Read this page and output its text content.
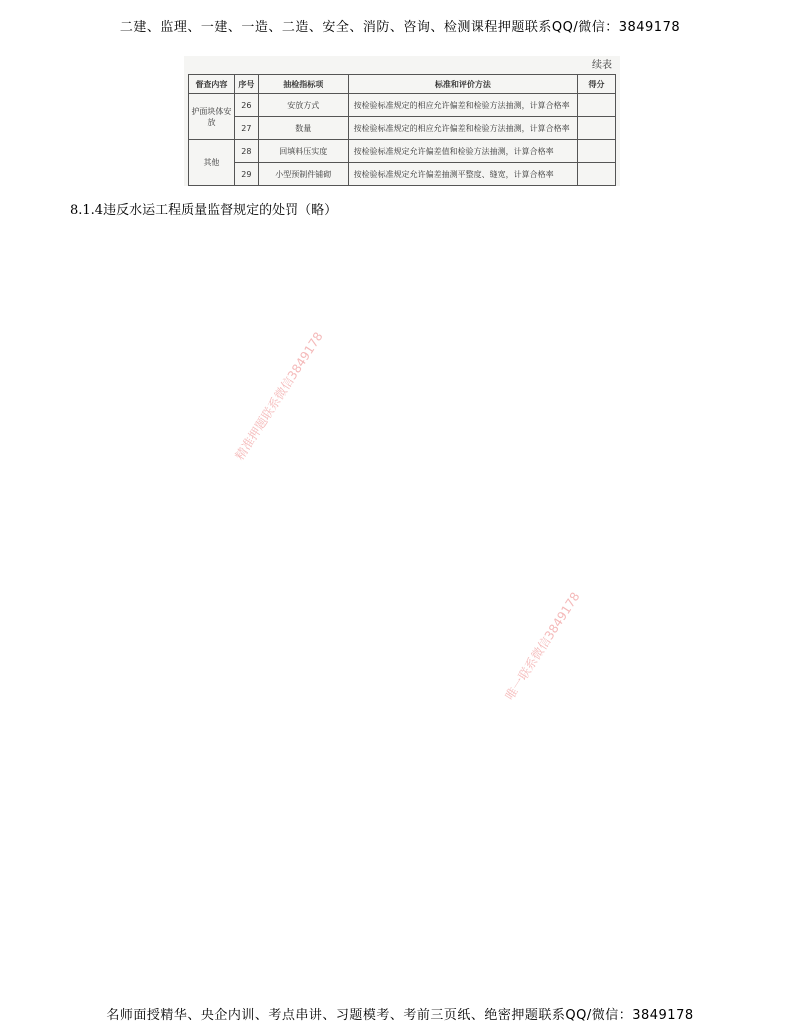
二建、监理、一建、一造、二造、安全、消防、咨询、检测课程押题联系QQ/微信：3849178
续表
督查内容	序号	抽检指标项	标准和评价方法	得分
护面块体安放	26	安放方式	按检验标准规定的相应允许偏差和检验方法抽测，计算合格率	
	27	数量	按检验标准规定的相应允许偏差和检验方法抽测，计算合格率	
其他	28	回填料压实度	按检验标准规定允许偏差值和检验方法抽测，计算合格率	
	29	小型预制件铺砌	按检验标准规定允许偏差抽测平整度、缝宽，计算合格率	
8.1.4违反水运工程质量监督规定的处罚（略）
精准押题联系微信3849178
唯一联系微信3849178
名师面授精华、央企内训、考点串讲、习题模考、考前三页纸、绝密押题联系QQ/微信：3849178
